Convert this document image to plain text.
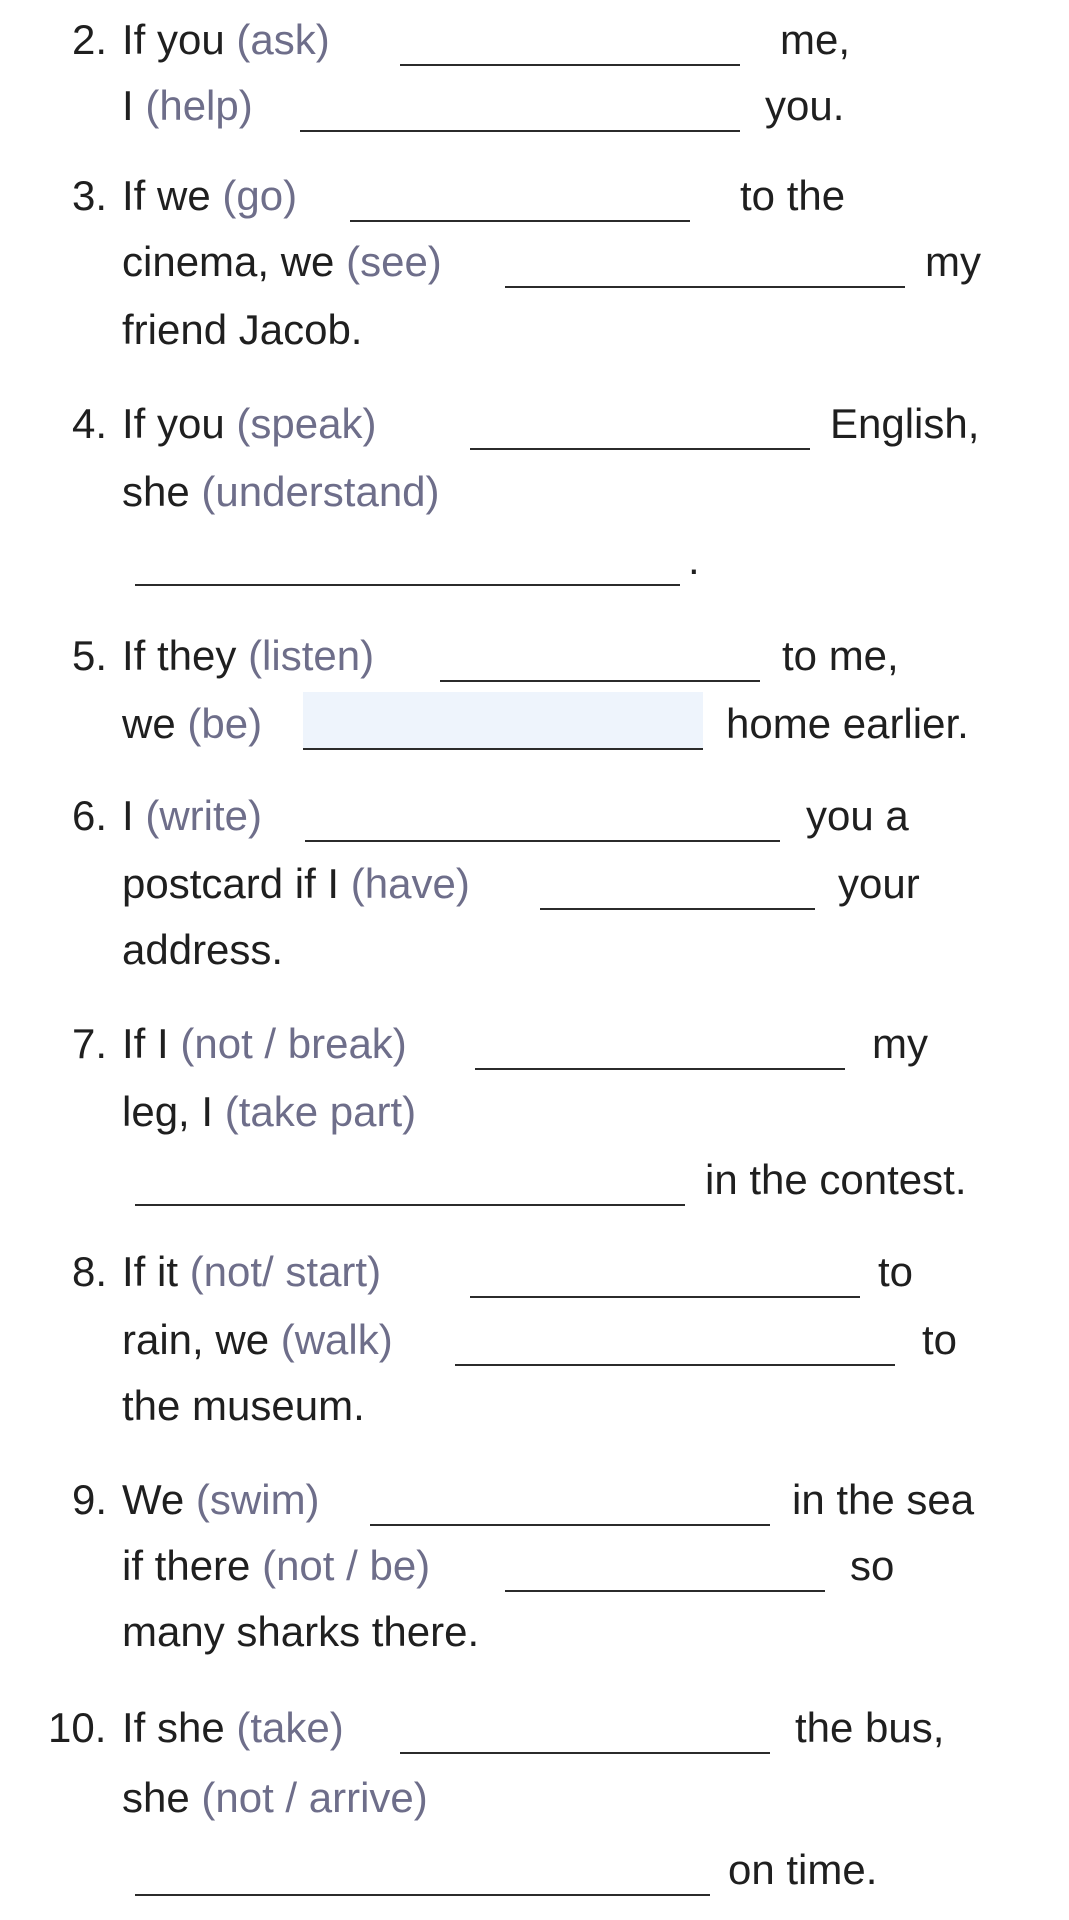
2. If you (ask)	me,
I (help)	you.
3. If we (go)	to the
cinema, we (see)	my
friend Jacob.
4. If you (speak)	English,
she (understand)
.
5. If they (listen)	to me,
we (be)	home earlier.
6. I (write)	you a
postcard if I (have)	your
address.
7. If I (not / break)	my
leg, I (take part)
in the contest.
8. If it (not/ start)	to
rain, we (walk)	to
the museum.
9. We (swim)	in the sea
if there (not / be)	so
many sharks there.
10. If she (take)	the bus,
she (not / arrive)
on time.
